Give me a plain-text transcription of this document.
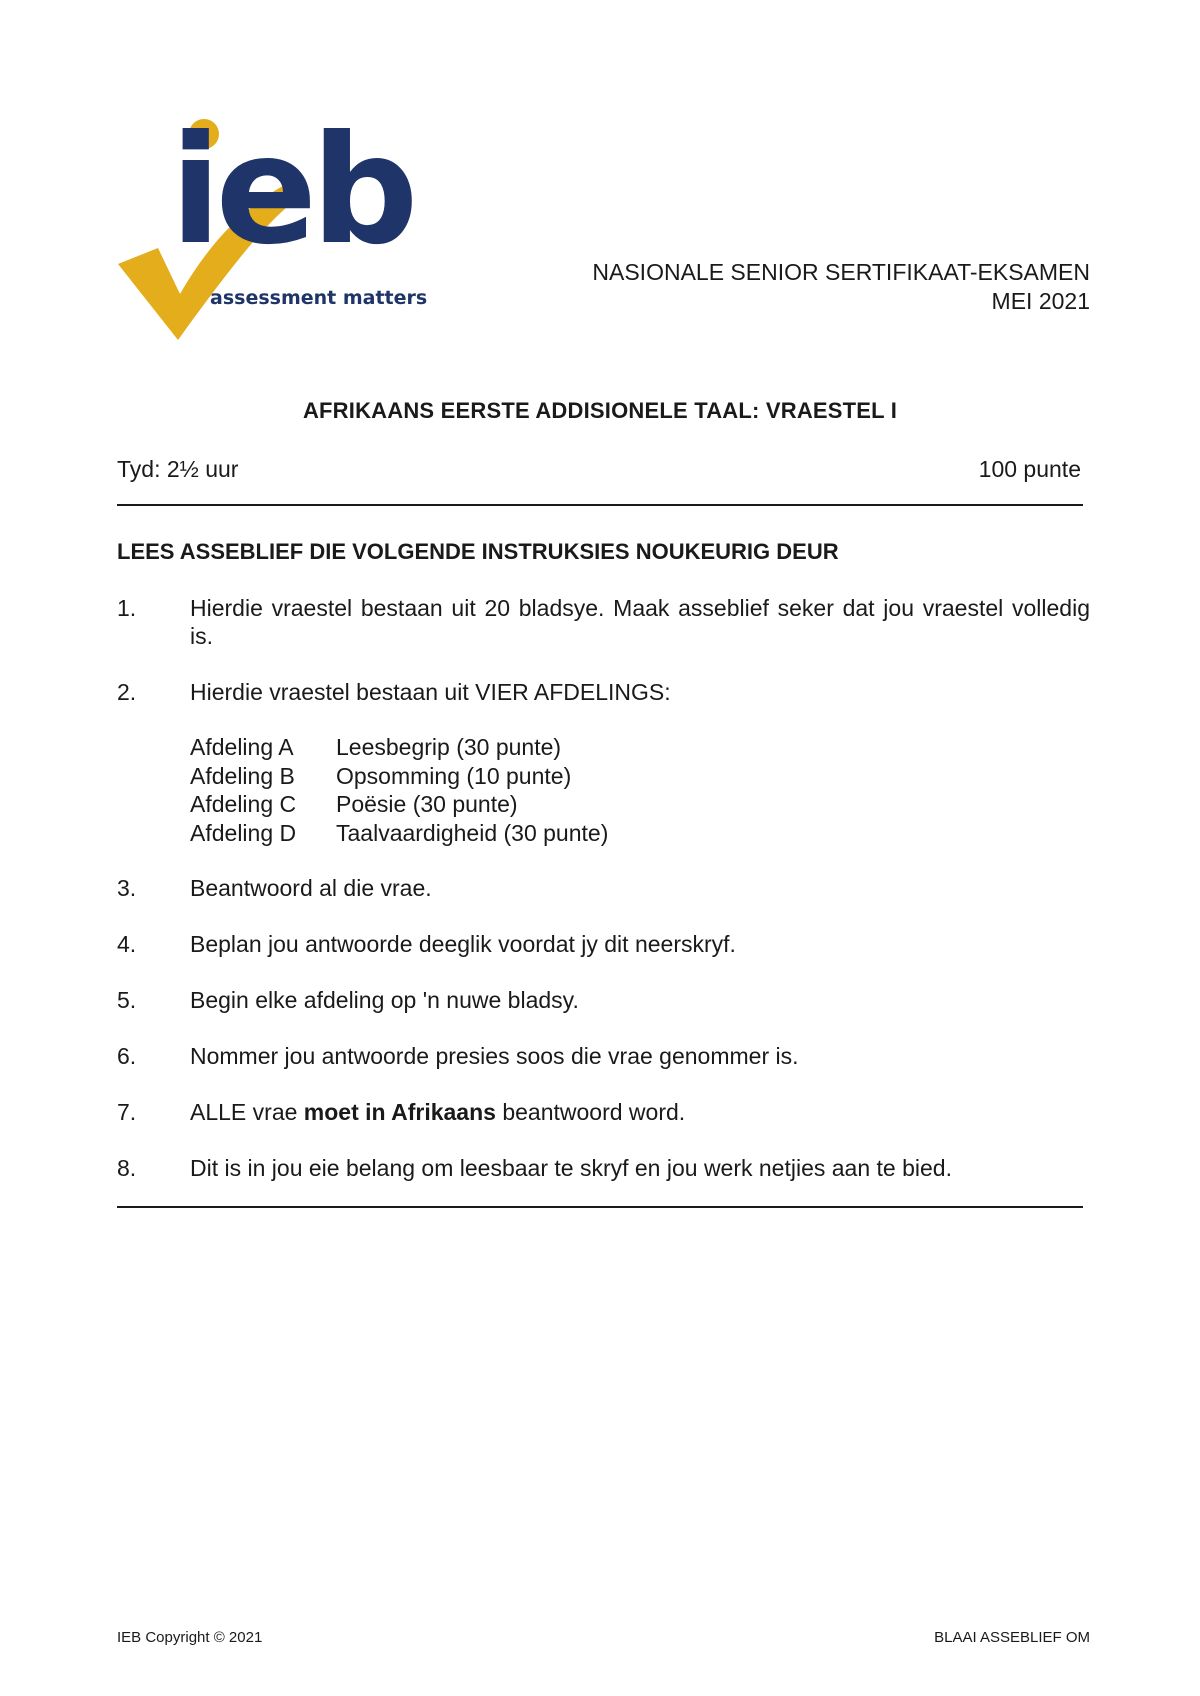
ieb
assessment matters
NASIONALE SENIOR SERTIFIKAAT-EKSAMEN
MEI 2021
AFRIKAANS EERSTE ADDISIONELE TAAL: VRAESTEL I
Tyd: 2½ uur	100 punte
LEES ASSEBLIEF DIE VOLGENDE INSTRUKSIES NOUKEURIG DEUR
1. Hierdie vraestel bestaan uit 20 bladsye. Maak asseblief seker dat jou vraestel volledig is.
2. Hierdie vraestel bestaan uit VIER AFDELINGS:
Afdeling A	Leesbegrip (30 punte)
Afdeling B	Opsomming (10 punte)
Afdeling C	Poësie (30 punte)
Afdeling D	Taalvaardigheid (30 punte)
3. Beantwoord al die vrae.
4. Beplan jou antwoorde deeglik voordat jy dit neerskryf.
5. Begin elke afdeling op 'n nuwe bladsy.
6. Nommer jou antwoorde presies soos die vrae genommer is.
7. ALLE vrae moet in Afrikaans beantwoord word.
8. Dit is in jou eie belang om leesbaar te skryf en jou werk netjies aan te bied.
IEB Copyright © 2021	BLAAI ASSEBLIEF OM
